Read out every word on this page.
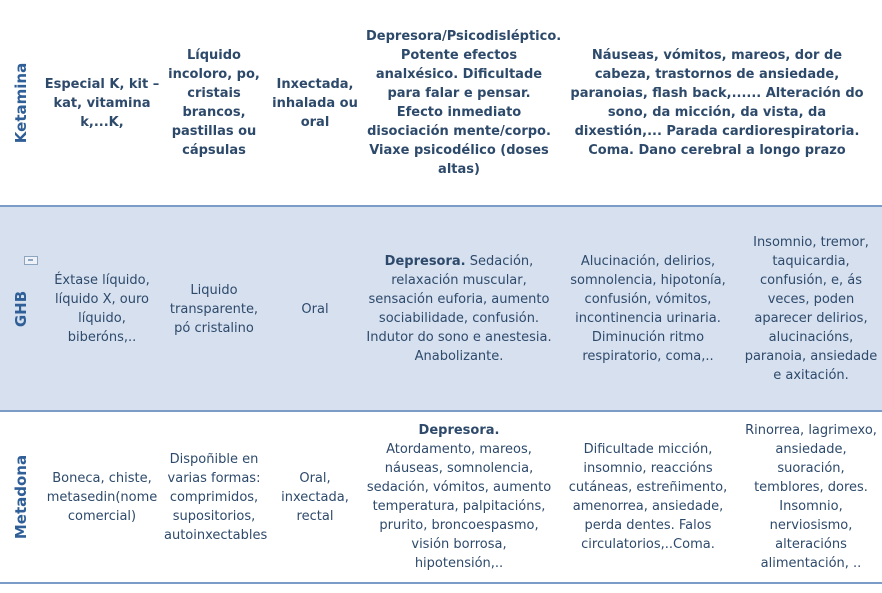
Ketamina Especial K, kit – kat, vitamina k,...K,
Líquido incoloro, po, cristais brancos, pastillas ou cápsulas
Inxectada, inhalada ou oral
Depresora/Psicodisléptico. Potente efectos analxésico. Dificultade para falar e pensar. Efecto inmediato disociación mente/corpo. Viaxe psicodélico (doses altas)
Náuseas, vómitos, mareos, dor de cabeza, trastornos de ansiedade, paranoias, flash back,...... Alteración do sono, da micción, da vista, da dixestión,... Parada cardiorespiratoria. Coma. Dano cerebral a longo prazo
GHB
Éxtase líquido, líquido X, ouro líquido, biberóns,..
Liquido transparente, pó cristalino
Oral
Depresora. Sedación, relaxación muscular, sensación euforia, aumento sociabilidade, confusión. Indutor do sono e anestesia. Anabolizante.
Alucinación, delirios, somnolencia, hipotonía, confusión, vómitos, incontinencia urinaria. Diminución ritmo respiratorio, coma,..
Insomnio, tremor, taquicardia, confusión, e, ás veces, poden aparecer delirios, alucinacións, paranoia, ansiedade e axitación.
Metadona	Boneca, chiste, metasedin(nome comercial)
Dispoñible en varias formas: comprimidos, supositorios, autoinxectables
Oral, inxectada, rectal
Depresora.
Atordamento, mareos, náuseas, somnolencia, sedación, vómitos, aumento temperatura, palpitacións, prurito, broncoespasmo, visión borrosa, hipotensión,..
Dificultade micción, insomnio, reaccións cutáneas, estreñimento, amenorrea, ansiedade, perda dentes. Falos circulatorios,..Coma.
Rinorrea, lagrimexo, ansiedade, suoración, temblores, dores. Insomnio, nerviosismo, alteracións alimentación, ..
